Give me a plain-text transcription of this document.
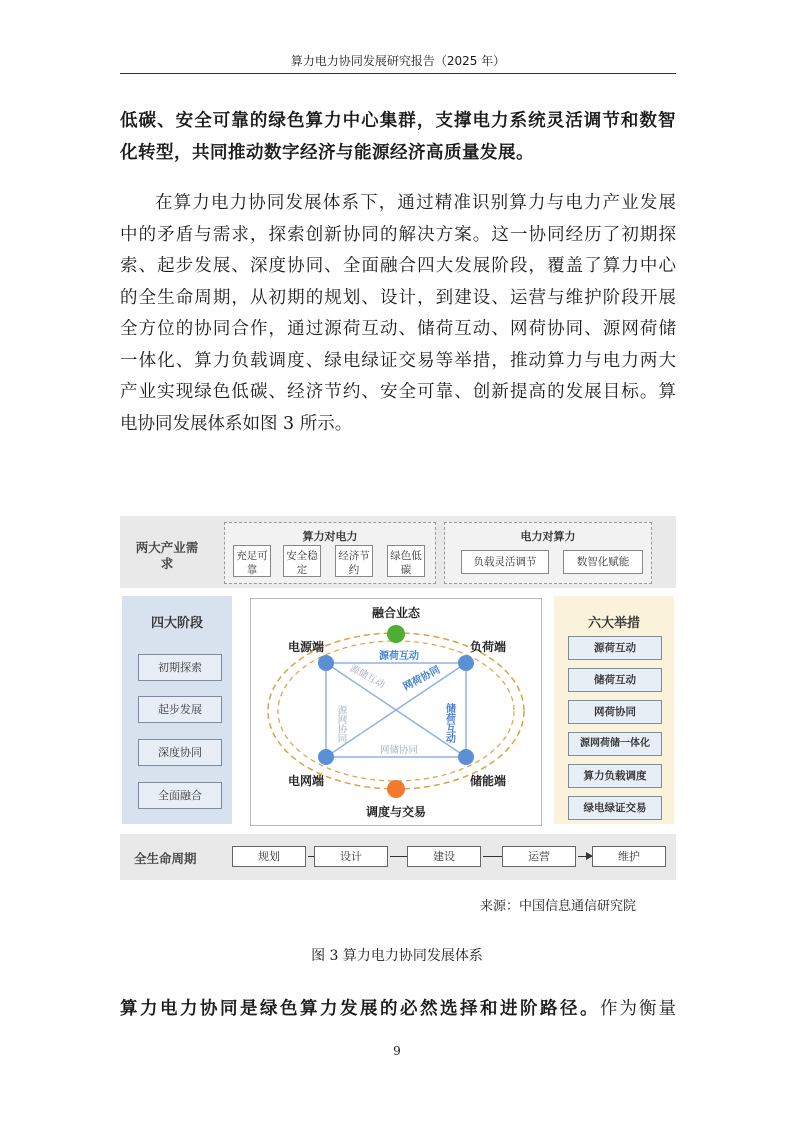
算力电力协同发展研究报告（2025 年）
低碳、安全可靠的绿色算力中心集群，支撑电力系统灵活调节和数智
化转型，共同推动数字经济与能源经济高质量发展。
在算力电力协同发展体系下，通过精准识别算力与电力产业发展
中的矛盾与需求，探索创新协同的解决方案。这一协同经历了初期探
索、起步发展、深度协同、全面融合四大发展阶段，覆盖了算力中心
的全生命周期，从初期的规划、设计，到建设、运营与维护阶段开展
全方位的协同合作，通过源荷互动、储荷互动、网荷协同、源网荷储
一体化、算力负载调度、绿电绿证交易等举措，推动算力与电力两大
产业实现绿色低碳、经济节约、安全可靠、创新提高的发展目标。算
电协同发展体系如图 3 所示。
两大产业需求
算力对电力
充足可靠
安全稳定
经济节约
绿色低碳
电力对算力
负载灵活调节	数智化赋能
四大阶段
初期探索
起步发展
深度协同
全面融合
融合业态
调度与交易
电源端	负荷端
电网端	储能端
源荷互动
源储互动 网荷协同
源网协同	储荷互动
网储协同
六大举措
源荷互动
储荷互动
网荷协同
源网荷储一体化
算力负载调度
绿电绿证交易
全生命周期	规划	设计	建设	运营	维护
来源：中国信息通信研究院
图 3 算力电力协同发展体系
算力电力协同是绿色算力发展的必然选择和进阶路径。作为衡量
9
